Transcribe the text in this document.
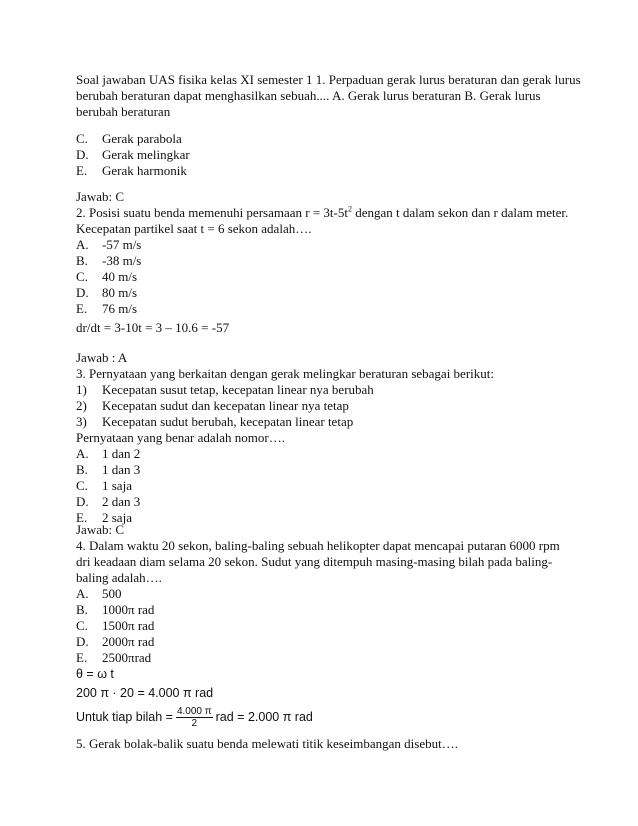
Soal jawaban UAS fisika kelas XI semester 1 1. Perpaduan gerak lurus beraturan dan gerak lurus
berubah beraturan dapat menghasilkan sebuah.... A. Gerak lurus beraturan B. Gerak lurus
berubah beraturan
C. Gerak parabola
D. Gerak melingkar
E. Gerak harmonik
Jawab: C
2. Posisi suatu benda memenuhi persamaan $r = 3t-5t^2$ dengan t dalam sekon dan r dalam meter.
Kecepatan partikel saat t = 6 sekon adalah….
A. -57 m/s
B. -38 m/s
C. 40 m/s
D. 80 m/s
E. 76 m/s
dr/dt = 3-10t = 3 – 10.6 = -57
Jawab : A
3. Pernyataan yang berkaitan dengan gerak melingkar beraturan sebagai berikut:
1) Kecepatan susut tetap, kecepatan linear nya berubah
2) Kecepatan sudut dan kecepatan linear nya tetap
3) Kecepatan sudut berubah, kecepatan linear tetap
Pernyataan yang benar adalah nomor….
A. 1 dan 2
B. 1 dan 3
C. 1 saja
D. 2 dan 3
E. 2 saja
Jawab: C
4. Dalam waktu 20 sekon, baling-baling sebuah helikopter dapat mencapai putaran 6000 rpm
dri keadaan diam selama 20 sekon. Sudut yang ditempuh masing-masing bilah pada baling-
baling adalah….
A. 500
B. 1000π rad
C. 1500π rad
D. 2000π rad
E. 2500πrad
θ = ω t
200 π · 20 = 4.000 π rad
Untuk tiap bilah = $\frac{4.000 \pi}{2}$ rad = 2.000 π rad
5. Gerak bolak-balik suatu benda melewati titik keseimbangan disebut….
